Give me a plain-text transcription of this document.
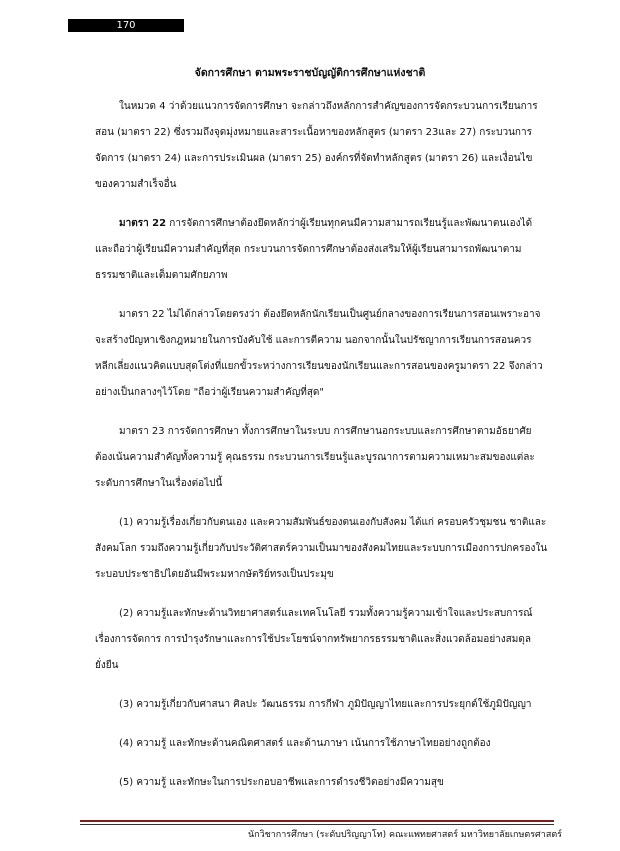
170
จัดการศึกษา ตามพระราชบัญญัติการศึกษาแห่งชาติ

ในหมวด 4 ว่าด้วยแนวการจัดการศึกษา จะกล่าวถึงหลักการสำคัญของการจัดกระบวนการเรียนการสอน (มาตรา 22) ซึ่งรวมถึงจุดมุ่งหมายและสาระเนื้อหาของหลักสูตร (มาตรา 23และ 27) กระบวนการจัดการ (มาตรา 24) และการประเมินผล (มาตรา 25) องค์กรที่จัดทำหลักสูตร (มาตรา 26) และเงื่อนไขของความสำเร็จอื่น

มาตรา 22 การจัดการศึกษาต้องยึดหลักว่าผู้เรียนทุกคนมีความสามารถเรียนรู้และพัฒนาตนเองได้ และถือว่าผู้เรียนมีความสำคัญที่สุด กระบวนการจัดการศึกษาต้องส่งเสริมให้ผู้เรียนสามารถพัฒนาตามธรรมชาติและเต็มตามศักยภาพ

มาตรา 22 ไม่ได้กล่าวโดยตรงว่า ต้องยึดหลักนักเรียนเป็นศูนย์กลางของการเรียนการสอนเพราะอาจจะสร้างปัญหาเชิงกฎหมายในการบังคับใช้ และการตีความ นอกจากนั้นในปรัชญาการเรียนการสอนควรหลีกเลี่ยงแนวคิดแบบสุดโต่งที่แยกขั้วระหว่างการเรียนของนักเรียนและการสอนของครูมาตรา 22 จึงกล่าวอย่างเป็นกลางๆไว้โดย "ถือว่าผู้เรียนความสำคัญที่สุด"

มาตรา 23 การจัดการศึกษา ทั้งการศึกษาในระบบ การศึกษานอกระบบและการศึกษาตามอัธยาศัย ต้องเน้นความสำคัญทั้งความรู้ คุณธรรม กระบวนการเรียนรู้และบูรณาการตามความเหมาะสมของแต่ละระดับการศึกษาในเรื่องต่อไปนี้

(1) ความรู้เรื่องเกี่ยวกับตนเอง และความสัมพันธ์ของตนเองกับสังคม ได้แก่ ครอบครัวชุมชน ชาติและสังคมโลก รวมถึงความรู้เกี่ยวกับประวัติศาสตร์ความเป็นมาของสังคมไทยและระบบการเมืองการปกครองในระบอบประชาธิปไตยอันมีพระมหากษัตริย์ทรงเป็นประมุข

(2) ความรู้และทักษะด้านวิทยาศาสตร์และเทคโนโลยี รวมทั้งความรู้ความเข้าใจและประสบการณ์เรื่องการจัดการ การบำรุงรักษาและการใช้ประโยชน์จากทรัพยากรธรรมชาติและสิ่งแวดล้อมอย่างสมดุลยั่งยืน

(3) ความรู้เกี่ยวกับศาสนา ศิลปะ วัฒนธรรม การกีฬา ภูมิปัญญาไทยและการประยุกต์ใช้ภูมิปัญญา

(4) ความรู้ และทักษะด้านคณิตศาสตร์ และด้านภาษา เน้นการใช้ภาษาไทยอย่างถูกต้อง

(5) ความรู้ และทักษะในการประกอบอาชีพและการดำรงชีวิตอย่างมีความสุข

นักวิชาการศึกษา (ระดับปริญญาโท) คณะแพทยศาสตร์ มหาวิทยาลัยเกษตรศาสตร์
